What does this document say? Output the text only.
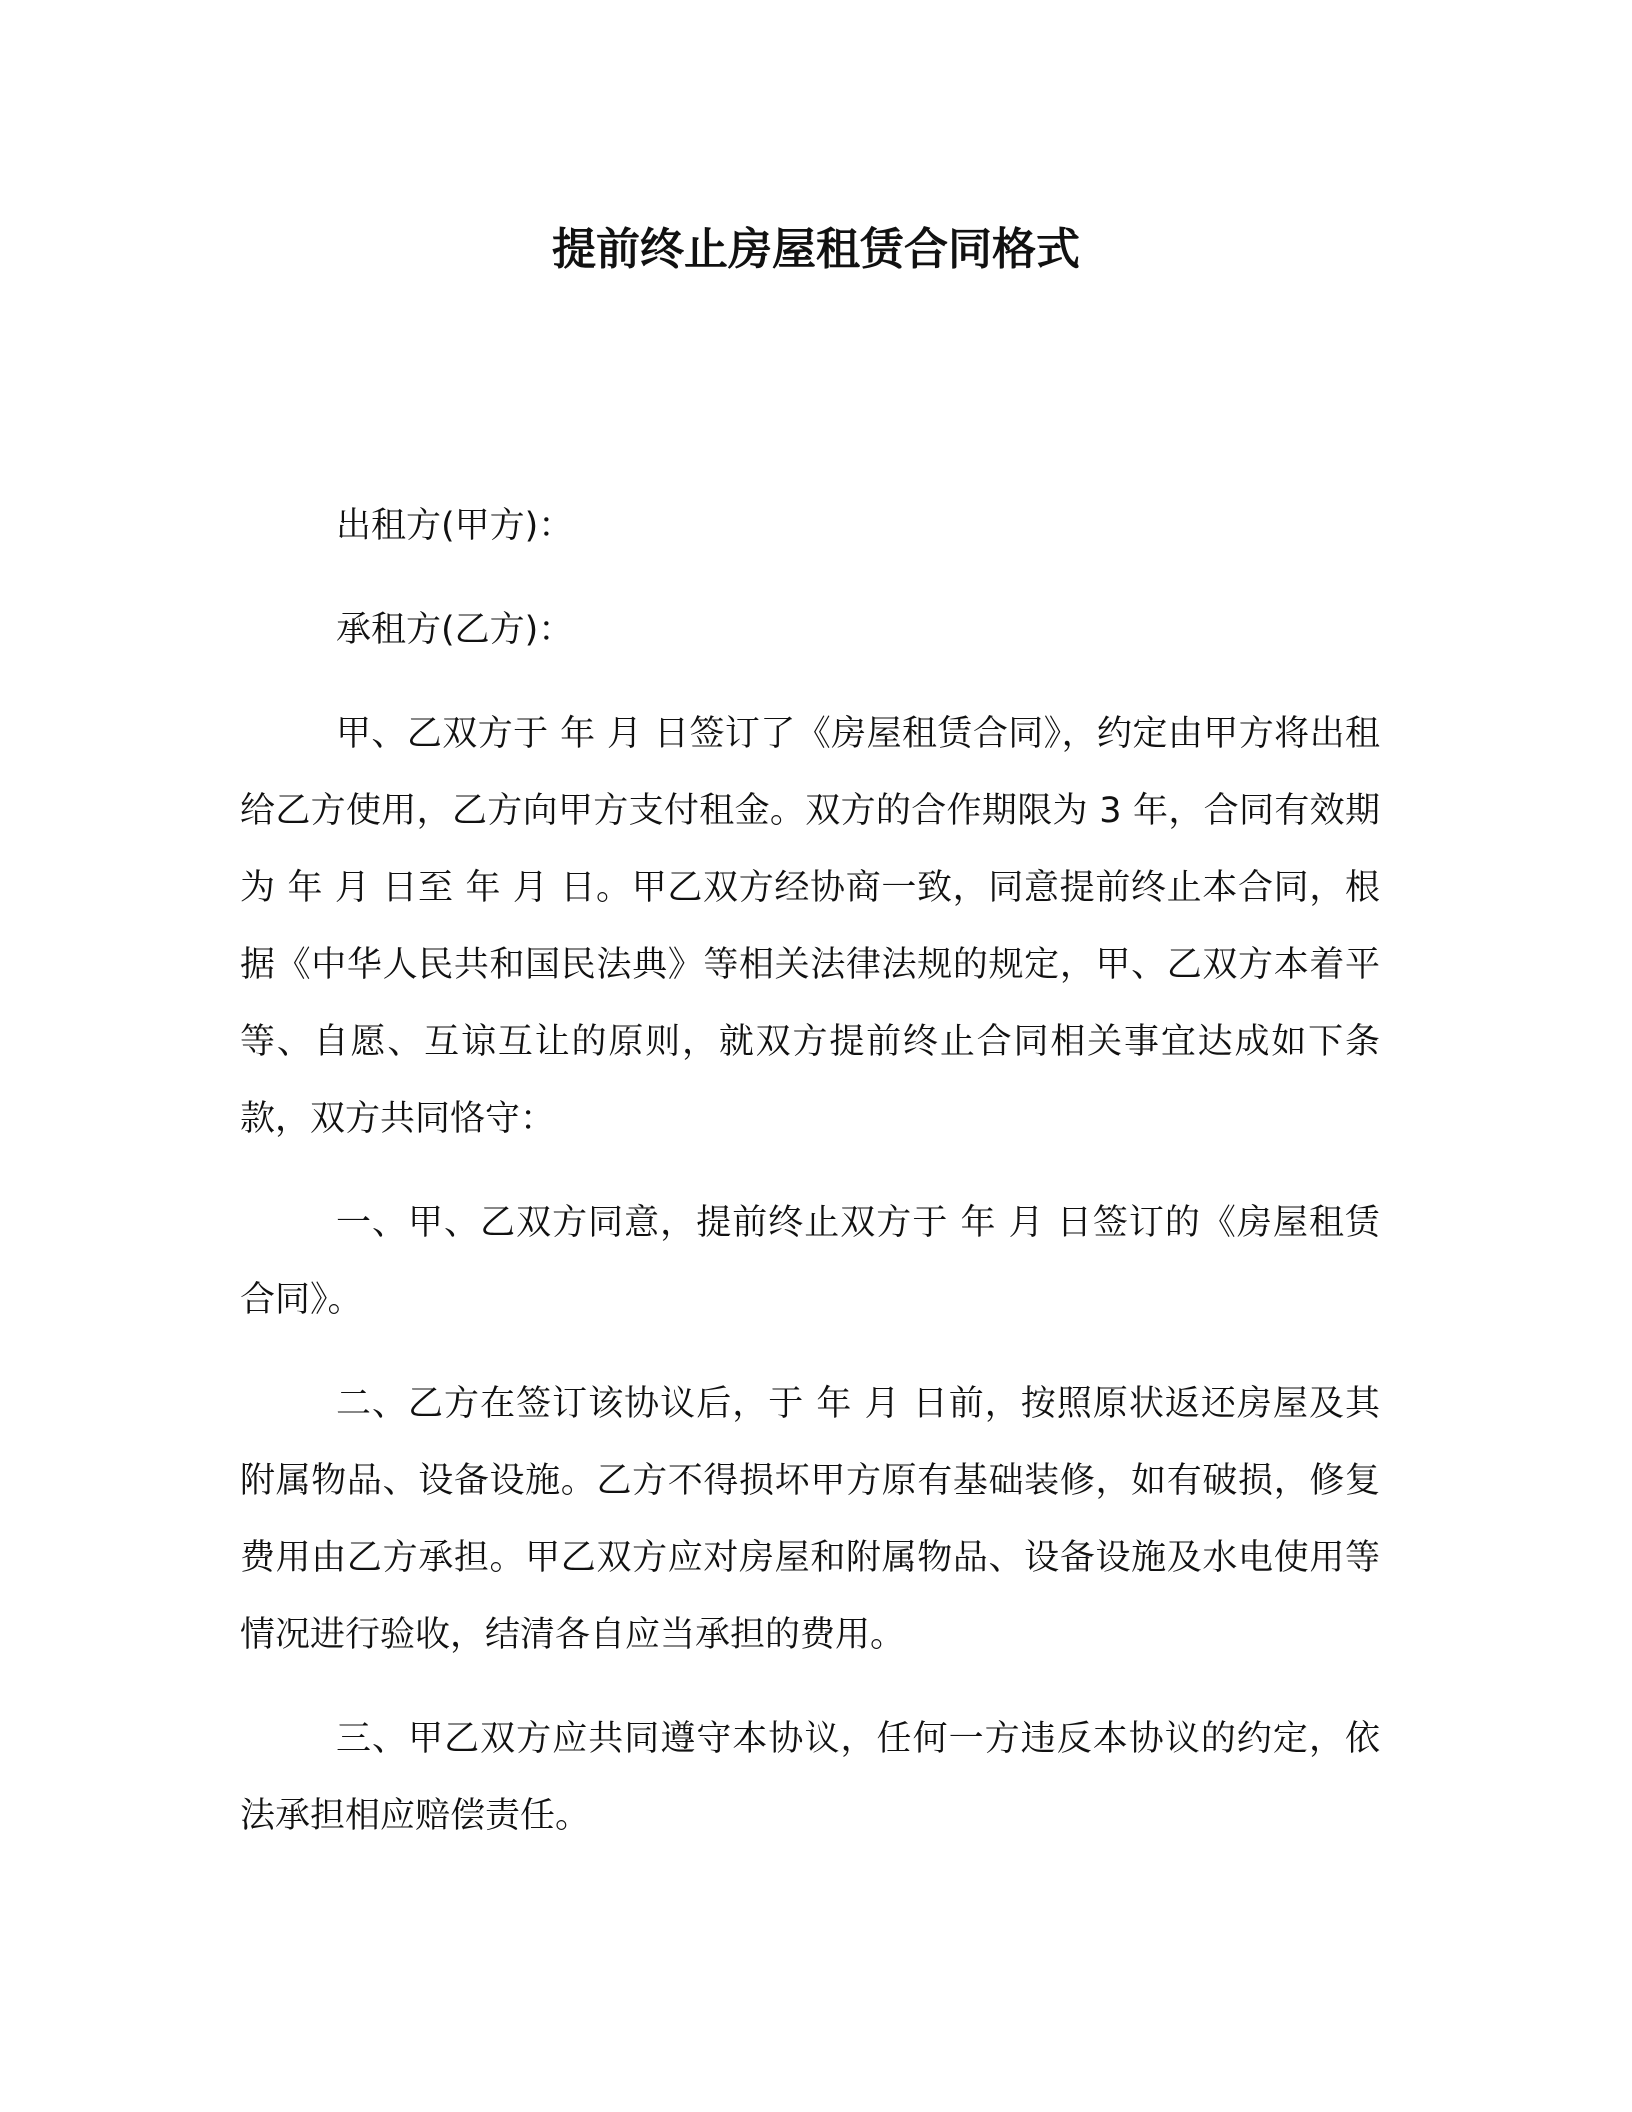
提前终止房屋租赁合同格式

出租方(甲方)：

承租方(乙方)：

甲、乙双方于 年 月 日签订了《房屋租赁合同》，约定由甲方将出租给乙方使用，乙方向甲方支付租金。双方的合作期限为 3 年，合同有效期为 年 月 日至 年 月 日。甲乙双方经协商一致，同意提前终止本合同，根据《中华人民共和国民法典》等相关法律法规的规定，甲、乙双方本着平等、自愿、互谅互让的原则，就双方提前终止合同相关事宜达成如下条款，双方共同恪守：

一、甲、乙双方同意，提前终止双方于 年 月 日签订的《房屋租赁合同》。

二、乙方在签订该协议后，于 年 月 日前，按照原状返还房屋及其附属物品、设备设施。乙方不得损坏甲方原有基础装修，如有破损，修复费用由乙方承担。甲乙双方应对房屋和附属物品、设备设施及水电使用等情况进行验收，结清各自应当承担的费用。

三、甲乙双方应共同遵守本协议，任何一方违反本协议的约定，依法承担相应赔偿责任。
